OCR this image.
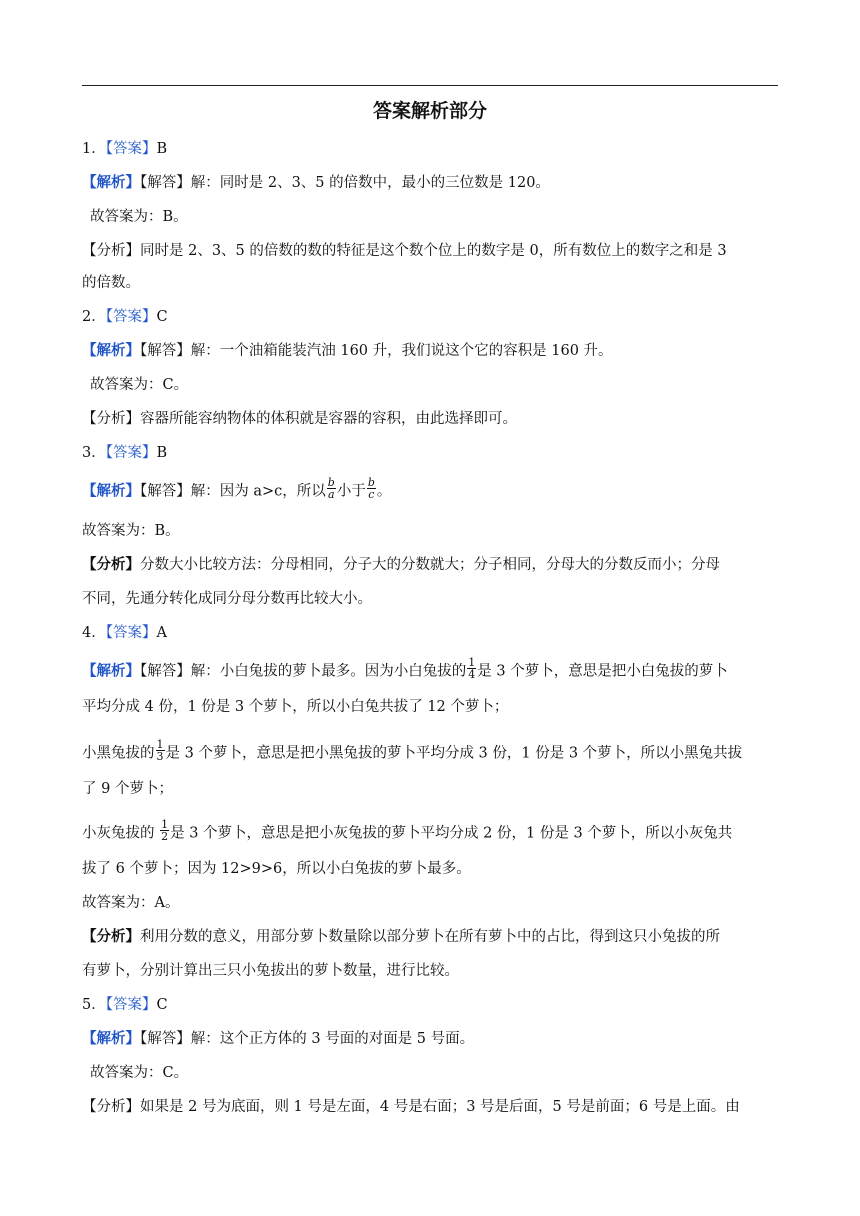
答案解析部分
1．【答案】B
【解析】【解答】解：同时是 2、3、5 的倍数中，最小的三位数是 120。
故答案为：B。
【分析】同时是 2、3、5 的倍数的数的特征是这个数个位上的数字是 0，所有数位上的数字之和是 3
的倍数。
2．【答案】C
【解析】【解答】解：一个油箱能装汽油 160 升，我们说这个它的容积是 160 升。
故答案为：C。
【分析】容器所能容纳物体的体积就是容器的容积，由此选择即可。
3．【答案】B
【解析】【解答】解：因为 a>c，所以 $\frac{b}{a}$ 小于 $\frac{b}{c}$ 。
故答案为：B。
【分析】分数大小比较方法：分母相同，分子大的分数就大；分子相同，分母大的分数反而小；分母
不同，先通分转化成同分母分数再比较大小。
4．【答案】A
【解析】【解答】解：小白兔拔的萝卜最多。因为小白兔拔的 $\frac{1}{4}$ 是 3 个萝卜，意思是把小白兔拔的萝卜
平均分成 4 份，1 份是 3 个萝卜，所以小白兔共拔了 12 个萝卜；
小黑兔拔的 $\frac{1}{3}$ 是 3 个萝卜，意思是把小黑兔拔的萝卜平均分成 3 份，1 份是 3 个萝卜，所以小黑兔共拔
了 9 个萝卜；
小灰兔拔的 $\frac{1}{2}$ 是 3 个萝卜，意思是把小灰兔拔的萝卜平均分成 2 份，1 份是 3 个萝卜，所以小灰兔共
拔了 6 个萝卜；因为 12>9>6，所以小白兔拔的萝卜最多。
故答案为：A。
【分析】利用分数的意义，用部分萝卜数量除以部分萝卜在所有萝卜中的占比，得到这只小兔拔的所
有萝卜，分别计算出三只小兔拔出的萝卜数量，进行比较。
5．【答案】C
【解析】【解答】解：这个正方体的 3 号面的对面是 5 号面。
故答案为：C。
【分析】如果是 2 号为底面，则 1 号是左面，4 号是右面；3 号是后面，5 号是前面；6 号是上面。由
